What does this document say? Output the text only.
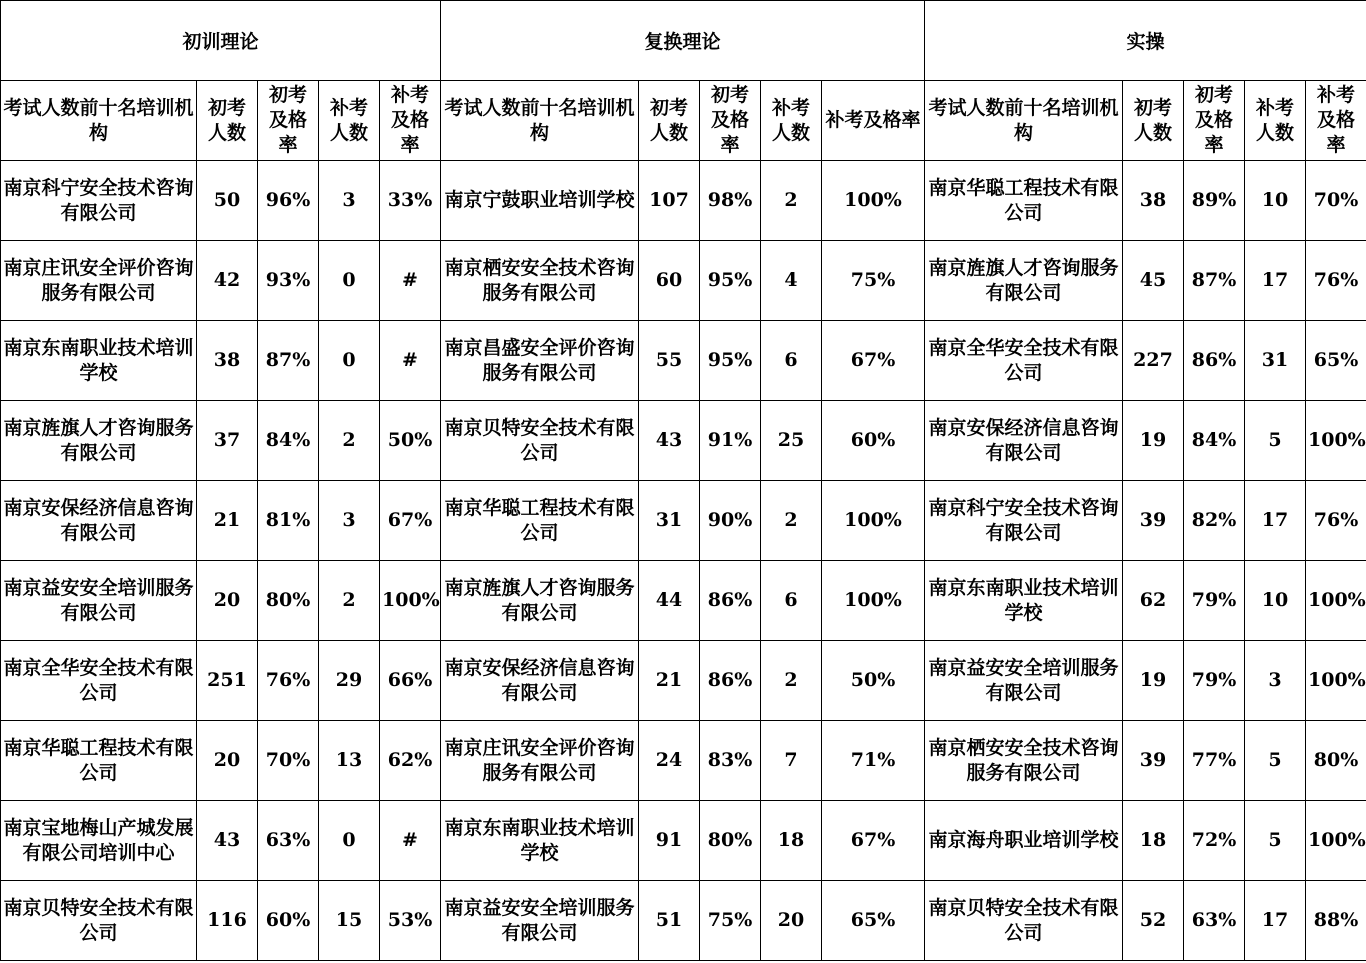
初训理论					复换理论					实操				
考试人数前十名培训机构	初考人数	初考及格率	补考人数	补考及格率	考试人数前十名培训机构	初考人数	初考及格率	补考人数	补考及格率	考试人数前十名培训机构	初考人数	初考及格率	补考人数	补考及格率
南京科宁安全技术咨询有限公司	50	96%	3	33%	南京宁鼓职业培训学校	107	98%	2	100%	南京华聪工程技术有限公司	38	89%	10	70%
南京庄讯安全评价咨询服务有限公司	42	93%	0	#	南京栖安安全技术咨询服务有限公司	60	95%	4	75%	南京旌旗人才咨询服务有限公司	45	87%	17	76%
南京东南职业技术培训学校	38	87%	0	#	南京昌盛安全评价咨询服务有限公司	55	95%	6	67%	南京全华安全技术有限公司	227	86%	31	65%
南京旌旗人才咨询服务有限公司	37	84%	2	50%	南京贝特安全技术有限公司	43	91%	25	60%	南京安保经济信息咨询有限公司	19	84%	5	100%
南京安保经济信息咨询有限公司	21	81%	3	67%	南京华聪工程技术有限公司	31	90%	2	100%	南京科宁安全技术咨询有限公司	39	82%	17	76%
南京益安安全培训服务有限公司	20	80%	2	100%	南京旌旗人才咨询服务有限公司	44	86%	6	100%	南京东南职业技术培训学校	62	79%	10	100%
南京全华安全技术有限公司	251	76%	29	66%	南京安保经济信息咨询有限公司	21	86%	2	50%	南京益安安全培训服务有限公司	19	79%	3	100%
南京华聪工程技术有限公司	20	70%	13	62%	南京庄讯安全评价咨询服务有限公司	24	83%	7	71%	南京栖安安全技术咨询服务有限公司	39	77%	5	80%
南京宝地梅山产城发展有限公司培训中心	43	63%	0	#	南京东南职业技术培训学校	91	80%	18	67%	南京海舟职业培训学校	18	72%	5	100%
南京贝特安全技术有限公司	116	60%	15	53%	南京益安安全培训服务有限公司	51	75%	20	65%	南京贝特安全技术有限公司	52	63%	17	88%
